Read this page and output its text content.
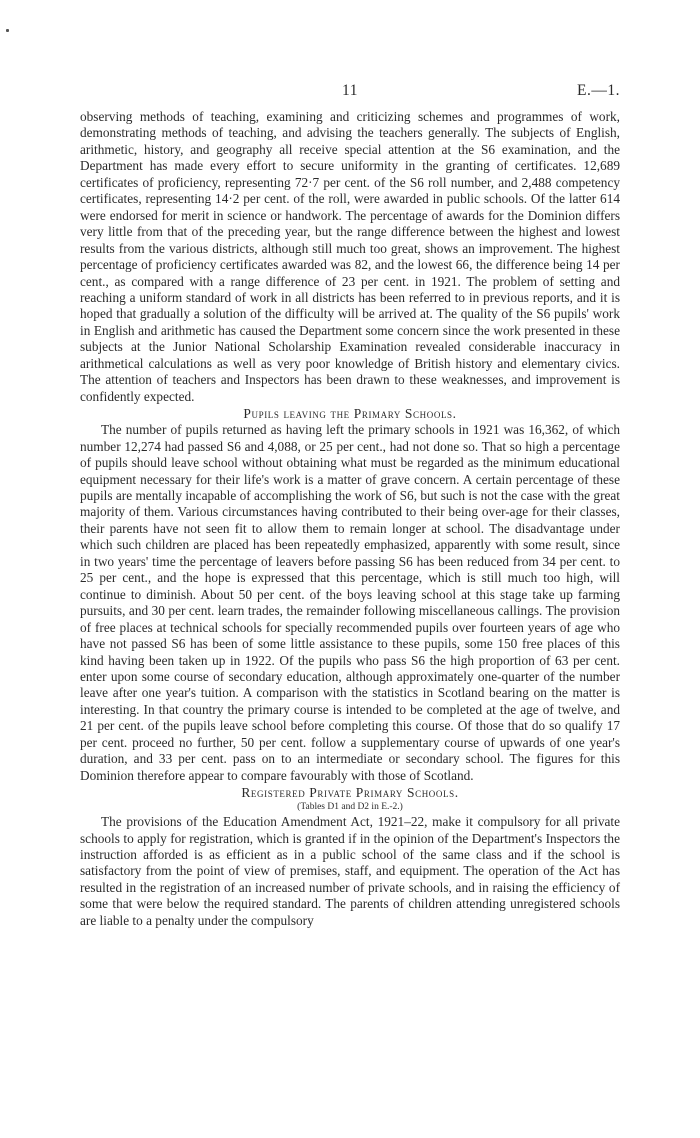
11	E.—1.

observing methods of teaching, examining and criticizing schemes and programmes of work, demonstrating methods of teaching, and advising the teachers generally. The subjects of English, arithmetic, history, and geography all receive special attention at the S6 examination, and the Department has made every effort to secure uniformity in the granting of certificates. 12,689 certificates of proficiency, representing 72·7 per cent. of the S6 roll number, and 2,488 competency certificates, representing 14·2 per cent. of the roll, were awarded in public schools. Of the latter 614 were endorsed for merit in science or handwork. The percentage of awards for the Dominion differs very little from that of the preceding year, but the range difference between the highest and lowest results from the various districts, although still much too great, shows an improvement. The highest percentage of proficiency certificates awarded was 82, and the lowest 66, the difference being 14 per cent., as compared with a range difference of 23 per cent. in 1921. The problem of setting and reaching a uniform standard of work in all districts has been referred to in previous reports, and it is hoped that gradually a solution of the difficulty will be arrived at. The quality of the S6 pupils' work in English and arithmetic has caused the Department some concern since the work presented in these subjects at the Junior National Scholarship Examination revealed considerable inaccuracy in arithmetical calculations as well as very poor knowledge of British history and elementary civics. The attention of teachers and Inspectors has been drawn to these weaknesses, and improvement is confidently expected.

Pupils leaving the Primary Schools.

The number of pupils returned as having left the primary schools in 1921 was 16,362, of which number 12,274 had passed S6 and 4,088, or 25 per cent., had not done so. That so high a percentage of pupils should leave school without obtaining what must be regarded as the minimum educational equipment necessary for their life's work is a matter of grave concern. A certain percentage of these pupils are mentally incapable of accomplishing the work of S6, but such is not the case with the great majority of them. Various circumstances having contributed to their being over-age for their classes, their parents have not seen fit to allow them to remain longer at school. The disadvantage under which such children are placed has been repeatedly emphasized, apparently with some result, since in two years' time the percentage of leavers before passing S6 has been reduced from 34 per cent. to 25 per cent., and the hope is expressed that this percentage, which is still much too high, will continue to diminish. About 50 per cent. of the boys leaving school at this stage take up farming pursuits, and 30 per cent. learn trades, the remainder following miscellaneous callings. The provision of free places at technical schools for specially recommended pupils over fourteen years of age who have not passed S6 has been of some little assistance to these pupils, some 150 free places of this kind having been taken up in 1922. Of the pupils who pass S6 the high proportion of 63 per cent. enter upon some course of secondary education, although approximately one-quarter of the number leave after one year's tuition. A comparison with the statistics in Scotland bearing on the matter is interesting. In that country the primary course is intended to be completed at the age of twelve, and 21 per cent. of the pupils leave school before completing this course. Of those that do so qualify 17 per cent. proceed no further, 50 per cent. follow a supplementary course of upwards of one year's duration, and 33 per cent. pass on to an intermediate or secondary school. The figures for this Dominion therefore appear to compare favourably with those of Scotland.

Registered Private Primary Schools.

(Tables D1 and D2 in E.-2.)

The provisions of the Education Amendment Act, 1921–22, make it compulsory for all private schools to apply for registration, which is granted if in the opinion of the Department's Inspectors the instruction afforded is as efficient as in a public school of the same class and if the school is satisfactory from the point of view of premises, staff, and equipment. The operation of the Act has resulted in the registration of an increased number of private schools, and in raising the efficiency of some that were below the required standard. The parents of children attending unregistered schools are liable to a penalty under the compulsory
